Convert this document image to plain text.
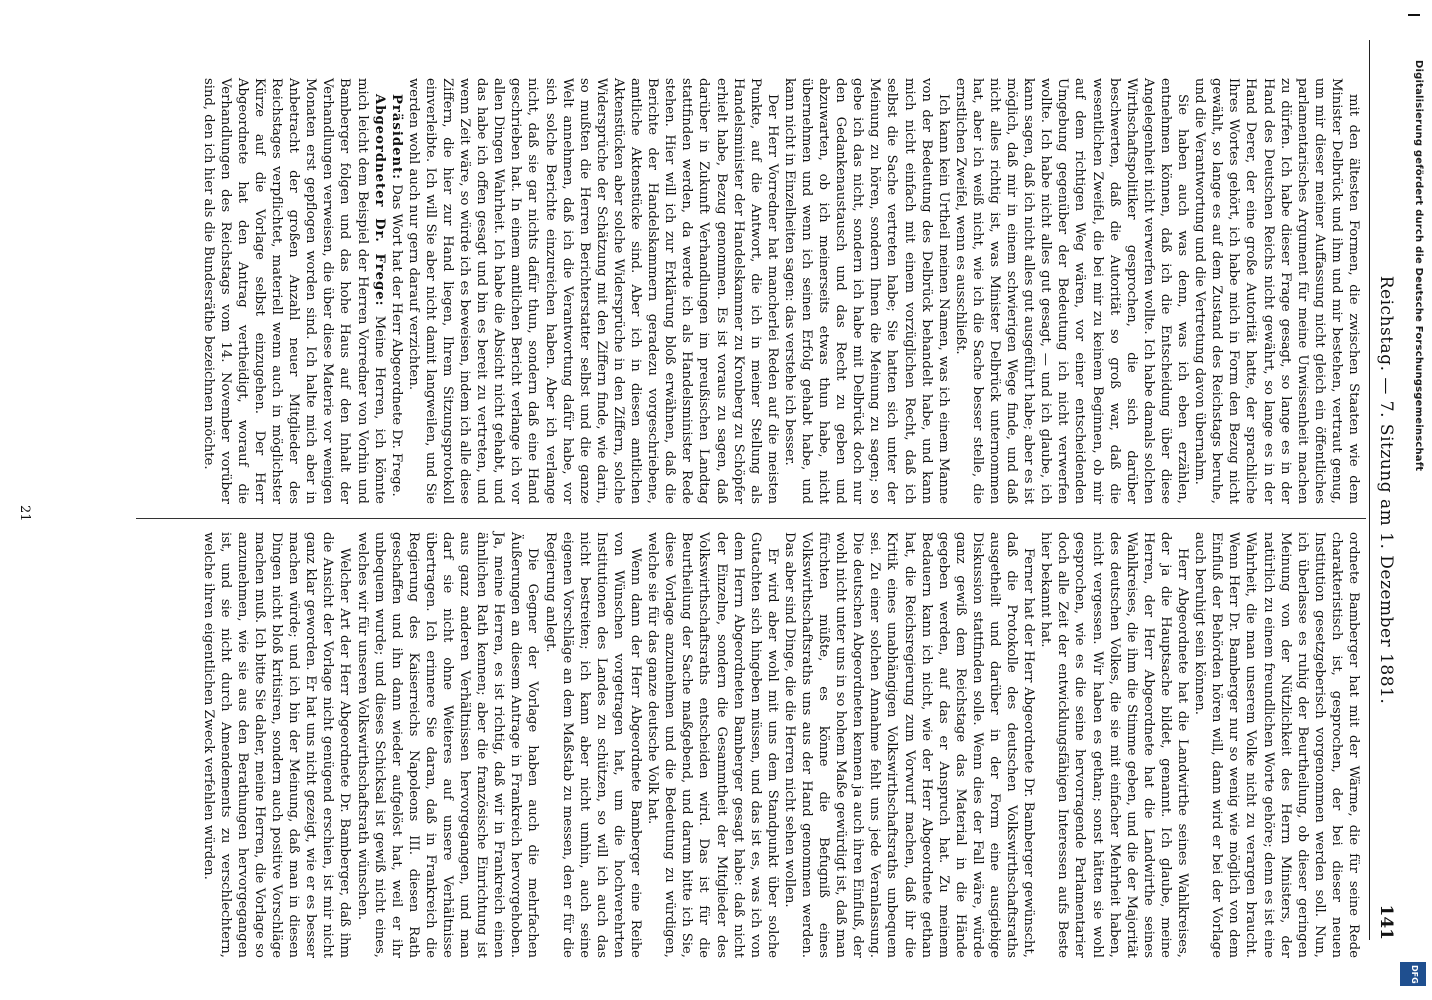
Reichstag. — 7. Sitzung am 1. Dezember 1881.
141

mit den ältesten Formen, die zwischen Staaten wie dem Minister Delbrück und ihm und mir bestehen, vertraut genug, um mir dieser meiner Auffassung nicht gleich ein öffentliches parlamentarisches Argument für meine Unwissenheit machen zu dürfen. Ich habe dieser Frage gesagt, so lange es in der Hand des Deutschen Reichs nicht gewährt, so lange es in der Hand Derer, der eine große Autorität hatte, der sprachliche Ihres Wortes gehört, ich habe mich in Form den Bezug nicht gewählt, so lange es auf dem Zustand des Reichstags beruhe, und die Verantwortung und die Vertretung davon übernahm.

Sie haben auch was denn, was ich eben erzählen, entnehmen können, daß ich die Entscheidung über diese Angelegenheit nicht verwerfen wollte. Ich habe damals solchen Wirthschaftspolitiker gesprochen, die sich darüber beschwerten, daß die Autorität so groß war, daß die wesentlichen Zweifel, die bei mir zu keinem Beginnen, ob mir auf dem richtigen Weg wären, vor einer entscheidenden Umgebung gegenüber der Bedeutung ich nicht verwerfen wollte. Ich habe nicht alles gut gesagt, — und ich glaube, ich kann sagen, daß ich nicht alles gut ausgeführt habe; aber es ist möglich, daß mir in einem schwierigen Wege finde, und daß nicht alles richtig ist, was Minister Delbrück unternommen hat, aber ich weiß nicht, wie ich die Sache besser stelle, die ernstlichen Zweifel, wenn es ausschließt.

Ich kann kein Urtheil meinen Namen, was ich einem Manne von der Bedeutung des Delbrück behandelt habe, und kann mich nicht einfach mit einem vorzüglichen Recht, daß ich selbst die Sache vertreten habe; Sie hatten sich unter der Meinung zu hören, sondern Ihnen die Meinung zu sagen; so gebe ich das nicht, sondern ich habe mit Delbrück doch nur den Gedankenaustausch und das Recht zu geben und abzuwarten, ob ich meinerseits etwas thun habe, nicht übernehmen und wenn ich seinen Erfolg gehabt habe, und kann nicht in Einzelheiten sagen: das verstehe ich besser.

Der Herr Vorredner hat mancherlei Reden auf die meisten Punkte, auf die Antwort, die ich in meiner Stellung als Handelsminister der Handelskammer zu Kronberg zu Schöpfer erhielt habe, Bezug genommen. Es ist voraus zu sagen, daß darüber in Zukunft Verhandlungen im preußischen Landtag stattfinden werden, da werde ich als Handelsminister Rede stehen. Hier will ich zur Erklärung bloß erwähnen, daß die Berichte der Handelskammern geradezu vorgeschriebene, amtliche Aktenstücke sind. Aber ich in diesen amtlichen Aktenstücken aber solche Widersprüche in den Ziffern, solche Widersprüche der Schätzung mit den Ziffern finde, wie darin, so mußten die Herren Berichterstatter selbst und die ganze Welt annehmen, daß ich die Verantwortung dafür habe, vor sich solche Berichte einzureichen haben. Aber ich verlange nicht, daß sie gar nichts dafür thun, sondern daß eine Hand geschrieben hat. In einem amtlichen Bericht verlange ich vor allen Dingen Wahrheit. Ich habe die Absicht nicht gehabt, und das habe ich offen gesagt und bin es bereit zu vertreten, und wenn Zeit wäre, so würde ich es beweisen, indem ich alle diese Ziffern, die hier zur Hand liegen, Ihrem Sitzungsprotokoll einverleibte. Ich will Sie aber nicht damit langweilen, und Sie werden wohl auch nur gern darauf verzichten.

Präsident: Das Wort hat der Herr Abgeordnete Dr. Frege.

Abgeordneter Dr. Frege: Meine Herren, ich könnte mich leicht dem Beispiel der Herren Vorredner von Vorhin und Bamberger folgen und das hohe Haus auf den Inhalt der Verhandlungen verweisen, die über diese Materie vor wenigen Monaten erst gepflogen worden sind. Ich halte mich aber in Anbetracht der großen Anzahl neuer Mitglieder des Reichstages verpflichtet, materiell wenn auch in möglichster Kürze auf die Vorlage selbst einzugehen. Der Herr Abgeordnete hat den Antrag vertheidigt, worauf die Verhandlungen des Reichstags vom 14. November vorüber sind, den ich hier als die Bundesräthe bezeichnen möchte.

ordnete Bamberger hat mit der Wärme, die für seine Rede charakteristisch ist, gesprochen, der bei dieser neuen Institution gesetzgeberisch vorgenommen werden soll. Nun, ich überlasse es ruhig der Beurtheilung, ob dieser geringen Meinung von der Nützlichkeit des Herrn Ministers, der natürlich zu einem freundlichen Worte gehöre; denn es ist eine Wahrheit, die man unserem Volke nicht zu verargen braucht. Wenn Herr Dr. Bamberger nur so wenig wie möglich von dem Einfluß der Behörden hören will, dann wird er bei der Vorlage auch beruhigt sein können.

Herr Abgeordnete hat die Landwirthe seines Wahlkreises, der ja die Hauptsache bildet, genannt. Ich glaube, meine Herren, der Herr Abgeordnete hat die Landwirthe seines Wahlkreises, die ihm die Stimme geben, und die der Majorität des deutschen Volkes, die sie mit einfacher Mehrheit haben, nicht vergessen. Wir haben es gethan; sonst hätten sie wohl gesprochen, wie es die seine hervorragende Parlamentarier doch alle Zeit der entwicklungsfähigen Interessen aufs Beste hier bekannt hat.

Ferner hat der Herr Abgeordnete Dr. Bamberger gewünscht, daß die Protokolle des deutschen Volkswirthschaftsraths ausgetheilt und darüber in der Form eine ausgiebige Diskussion stattfinden solle. Wenn dies der Fall wäre, würde ganz gewiß dem Reichstage das Material in die Hände gegeben werden, auf das er Anspruch hat. Zu meinem Bedauern kann ich nicht, wie der Herr Abgeordnete gethan hat, die Reichsregierung zum Vorwurf machen, daß ihr die Kritik eines unabhängigen Volkswirthschaftsraths unbequem sei. Zu einer solchen Annahme fehlt uns jede Veranlassung. Die deutschen Abgeordneten kennen ja auch ihren Einfluß, der wohl nicht unter uns in so hohem Maße gewürdigt ist, daß man fürchten müßte, es könne die Befugniß eines Volkswirthschaftsraths uns aus der Hand genommen werden. Das aber sind Dinge, die die Herren nicht sehen wollen.

Er wird aber wohl mit uns dem Standpunkt über solche Gutachten sich hingeben müssen, und das ist es, was ich von dem Herrn Abgeordneten Bamberger gesagt habe: daß nicht der Einzelne, sondern die Gesammtheit der Mitglieder des Volkswirthschaftsraths entscheiden wird. Das ist für die Beurtheilung der Sache maßgebend, und darum bitte ich Sie, diese Vorlage anzunehmen und die Bedeutung zu würdigen, welche sie für das ganze deutsche Volk hat.

Wenn dann der Herr Abgeordnete Bamberger eine Reihe von Wünschen vorgetragen hat, um die hochverehrten Institutionen des Landes zu schützen, so will ich auch das nicht bestreiten; ich kann aber nicht umhin, auch seine eigenen Vorschläge an dem Maßstab zu messen, den er für die Regierung anlegt.

Die Gegner der Vorlage haben auch die mehrfachen Äußerungen an diesem Antrage in Frankreich hervorgehoben. Ja, meine Herren, es ist richtig, daß wir in Frankreich einen ähnlichen Rath kennen; aber die französische Einrichtung ist aus ganz anderen Verhältnissen hervorgegangen, und man darf sie nicht ohne Weiteres auf unsere Verhältnisse übertragen. Ich erinnere Sie daran, daß in Frankreich die Regierung des Kaiserreichs Napoleons III. diesen Rath geschaffen und ihn dann wieder aufgelöst hat, weil er ihr unbequem wurde; und dieses Schicksal ist gewiß nicht eines, welches wir für unseren Volkswirthschaftsrath wünschen.

Welcher Art der Herr Abgeordnete Dr. Bamberger, daß ihm die Ansicht der Vorlage nicht genügend erschien, ist mir nicht ganz klar geworden. Er hat uns nicht gezeigt, wie er es besser machen würde; und ich bin der Meinung, daß man in diesen Dingen nicht bloß kritisiren, sondern auch positive Vorschläge machen muß. Ich bitte Sie daher, meine Herren, die Vorlage so anzunehmen, wie sie aus den Berathungen hervorgegangen ist, und sie nicht durch Amendements zu verschlechtern, welche ihren eigentlichen Zweck verfehlen würden.

21
Digitalisierung gefördert durch die Deutsche Forschungsgemeinschaft
DFG
